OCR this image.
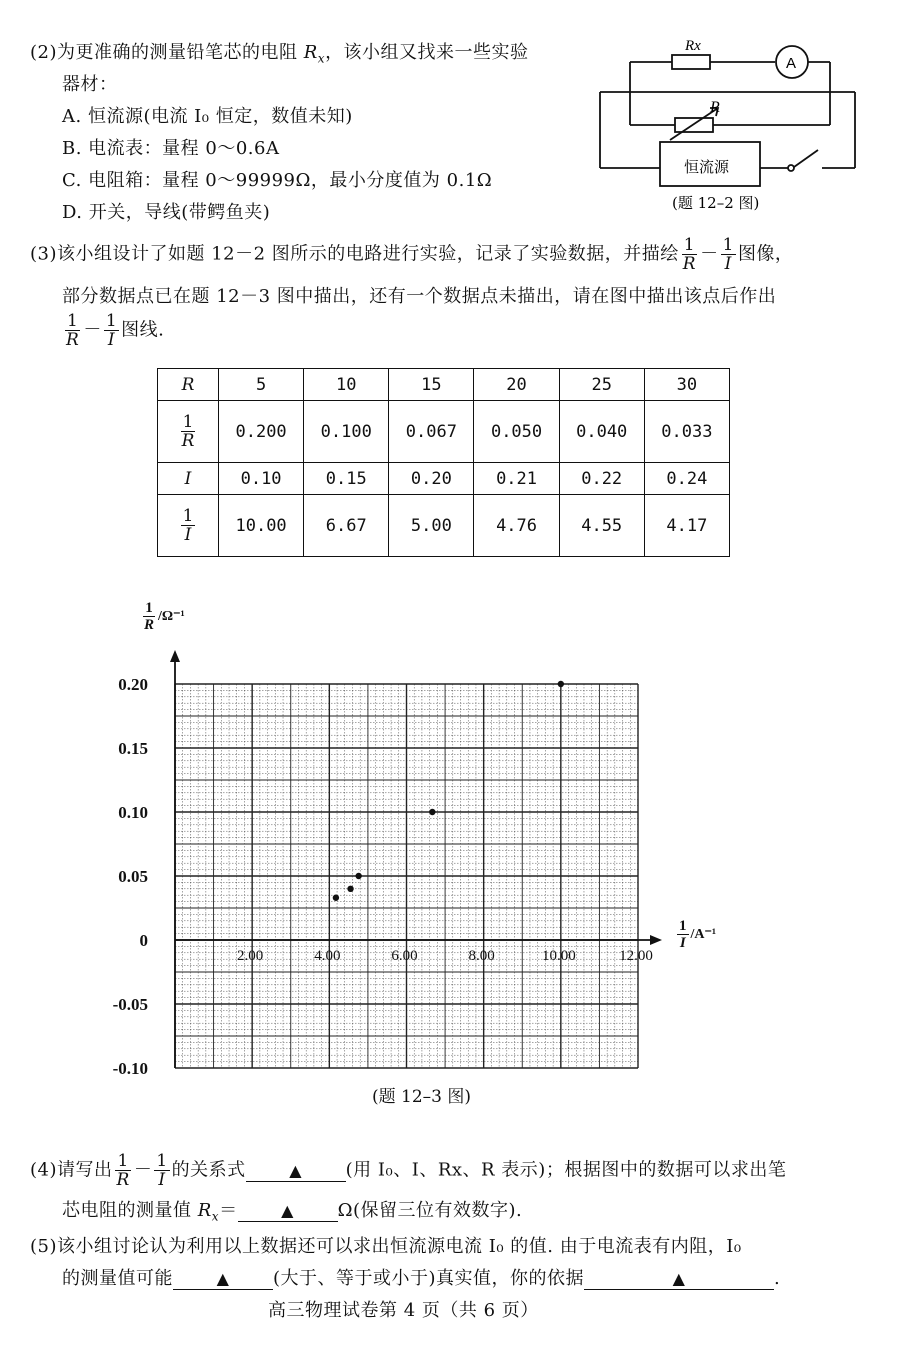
(2)为更准确的测量铅笔芯的电阻 $R_x$，该小组又找来一些实验
器材：
A. 恒流源(电流 I₀ 恒定，数值未知)
B. 电流表：量程 0～0.6A
C. 电阻箱：量程 0～99999Ω，最小分度值为 0.1Ω
D. 开关，导线(带鳄鱼夹)
Rx
R
A
恒流源
(题 12–2 图)
(3)该小组设计了如题 12－2 图所示的电路进行实验，记录了实验数据，并描绘 $\frac{1}{R} - \frac{1}{I}$ 图像，
部分数据点已在题 12－3 图中描出，还有一个数据点未描出，请在图中描出该点后作出
$\frac{1}{R} - \frac{1}{I}$ 图线.
R	5	10	15	20	25	30

$\frac{1}{R}$	0.200	0.100	0.067	0.050	0.040	0.033
I	0.10	0.15	0.20	0.21	0.22	0.24

$\frac{1}{I}$	10.00	6.67	5.00	4.76	4.55	4.17
$\frac{1}{R} /\Omega^{-1}$
$\frac{1}{I} /A^{-1}$
2.00	4.00	6.00	8.00	10.00	12.00
0.20
0.15
0.10
0.05
0
-0.05
-0.10
(题 12–3 图)
(4)请写出 $\frac{1}{R} - \frac{1}{I}$ 的关系式	▲ (用 I₀、I、Rx、R 表示)；根据图中的数据可以求出笔
芯电阻的测量值 $R_x=$	▲ Ω(保留三位有效数字).
(5)该小组讨论认为利用以上数据还可以求出恒流源电流 I₀ 的值. 由于电流表有内阻，I₀
的测量值可能	▲ (大于、等于或小于)真实值，你的依据	▲	.
高三物理试卷第 4 页（共 6 页）
